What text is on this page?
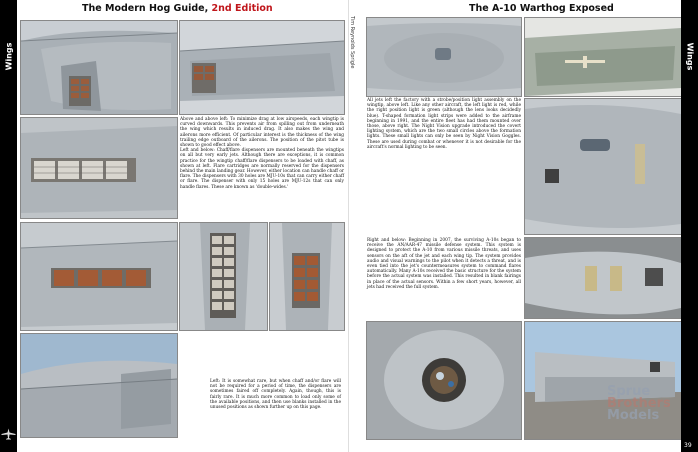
Wings
38
The Modern Hog Guide, 2nd Edition
Above and above left: To minimize drag at low airspeeds, each wingtip is curved downwards. This prevents air from spilling out from underneath the wing which results in induced drag. It also makes the wing and ailerons more efficient. Of particular interest is the thickness of the wing trailing edge outboard of the ailerons. The position of the pitot tube is shown to good effect above.
Left and below: Chaff/flare dispensers are mounted beneath the wingtips on all but very early jets. Although there are exceptions, it is common practice for the wingtip chaff/flare dispensers to be loaded with chaff, as shown at left. Flare cartridges are normally reserved for the dispensers behind the main landing gear. However, either location can handle chaff or flare. The dispensers with 30 holes are MJU-10s that can carry either chaff or flare. The dispenser with only 15 holes are MJU-12s that can only handle flares. These are known as 'double-wides.'
Left: It is somewhat rare, but when chaff and/or flare will not be required for a period of time, the dispensers are sometimes faired off completely. Again, though, this is fairly rare. It is much more common to load only some of the available positions, and then use blanks installed in the unused positions as shown further up on this page.
The A-10 Warthog Exposed
Tim Reynolds Sprigle
All jets left the factory with a strobe/position light assembly on the wingtip, above left. Like any other aircraft, the left light is red, while the right position light is green (although the lens looks decidedly blue). T-shaped formation light strips were added to the airframe beginning in 1991, and the entire fleet has had them mounted over those, above right. The Night Vision upgrade introduced the covert lighting system, which are the two small circles above the formation lights. These small lights can only be seen by Night Vision Goggles. These are used during combat or whenever it is not desirable for the aircraft's normal lighting to be seen.
Right and below: Beginning in 2007, the surviving A-10s began to receive the AN/AAR-47 missile defense system. This system is designed to protect the A-10 from various missile threats, and uses sensors on the aft of the jet and each wing tip. The system provides audio and visual warnings to the pilot when it detects a threat, and is even tied into the jet's countermeasures system to command flares automatically. Many A-10s received the basic structure for the system before the actual system was installed. This resulted in blank fairings in place of the actual sensors. Within a few short years, however, all jets had received the full system.
Sprue
Brothers
Models
Wings
39
